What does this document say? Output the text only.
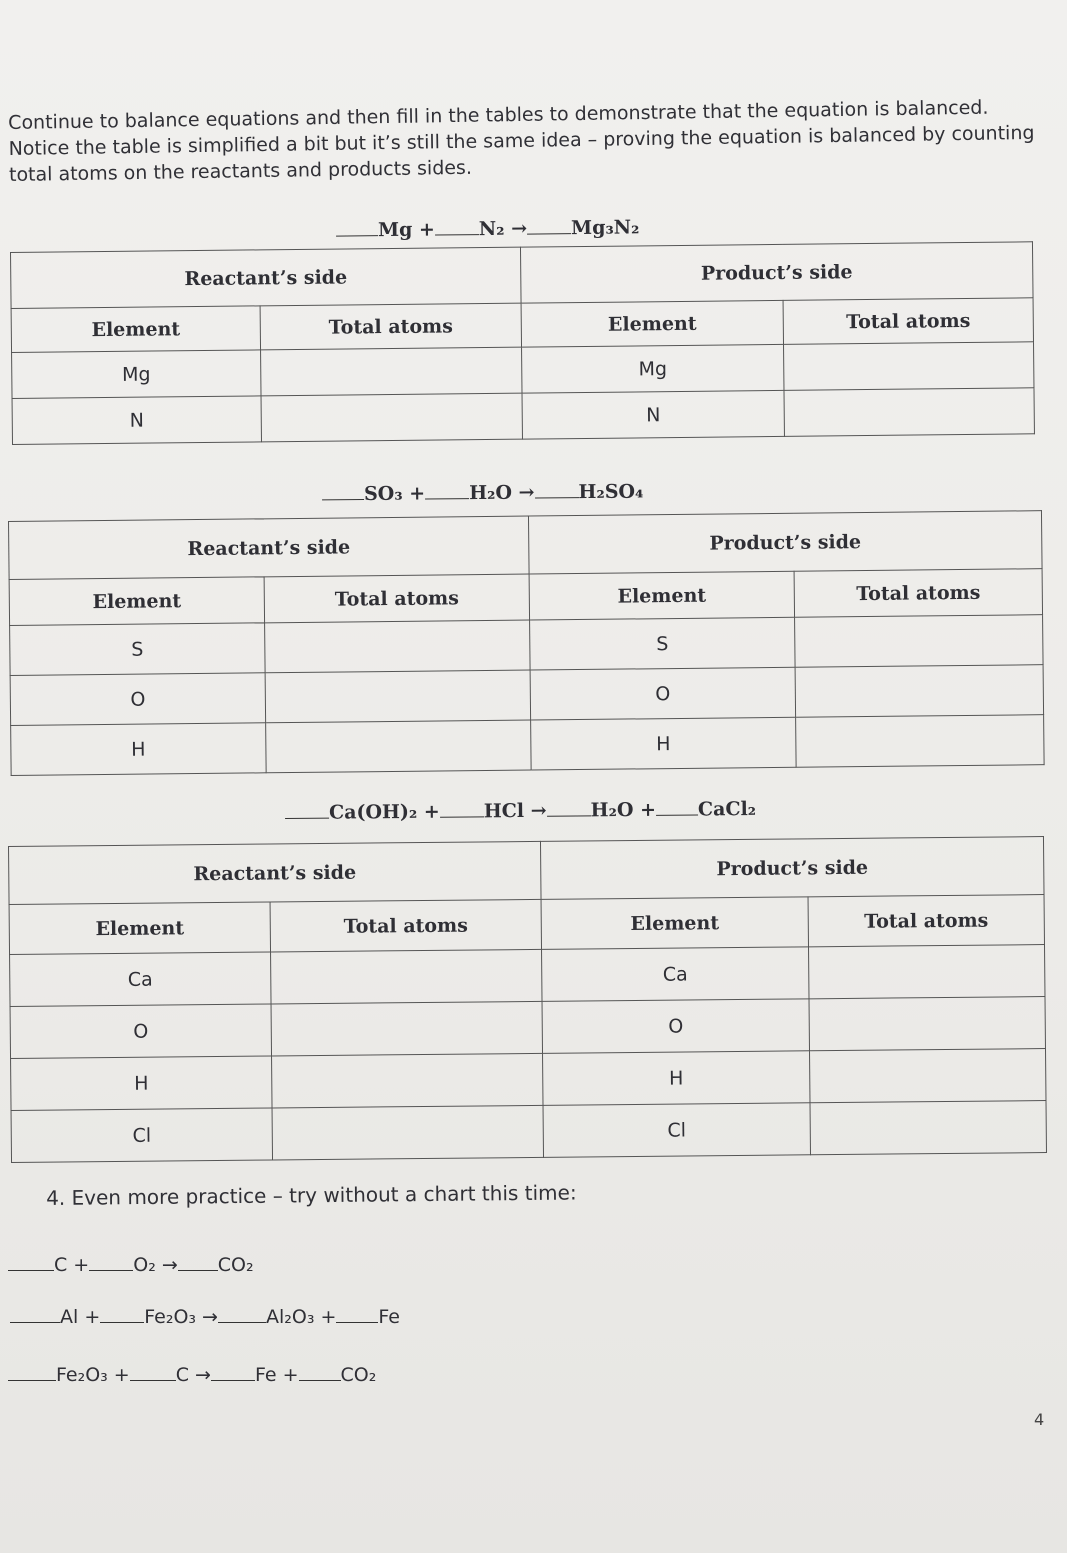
Continue to balance equations and then fill in the tables to demonstrate that the equation is balanced. Notice the table is simplified a bit but it’s still the same idea – proving the equation is balanced by counting total atoms on the reactants and products sides.
Mg + N₂ → Mg₃N₂
Reactant’s side		Product’s side	
Element	Total atoms	Element	Total atoms
Mg		Mg	
N		N	
SO₃ + H₂O → H₂SO₄
Reactant’s side		Product’s side	
Element	Total atoms	Element	Total atoms
S		S	
O		O	
H		H	
Ca(OH)₂ + HCl → H₂O + CaCl₂
Reactant’s side		Product’s side	
Element	Total atoms	Element	Total atoms
Ca		Ca	
O		O	
H		H	
Cl		Cl	
4. Even more practice – try without a chart this time:
C + O₂ → CO₂
Al + Fe₂O₃ →	Al₂O₃ + Fe
Fe₂O₃ + C → Fe + CO₂
4
